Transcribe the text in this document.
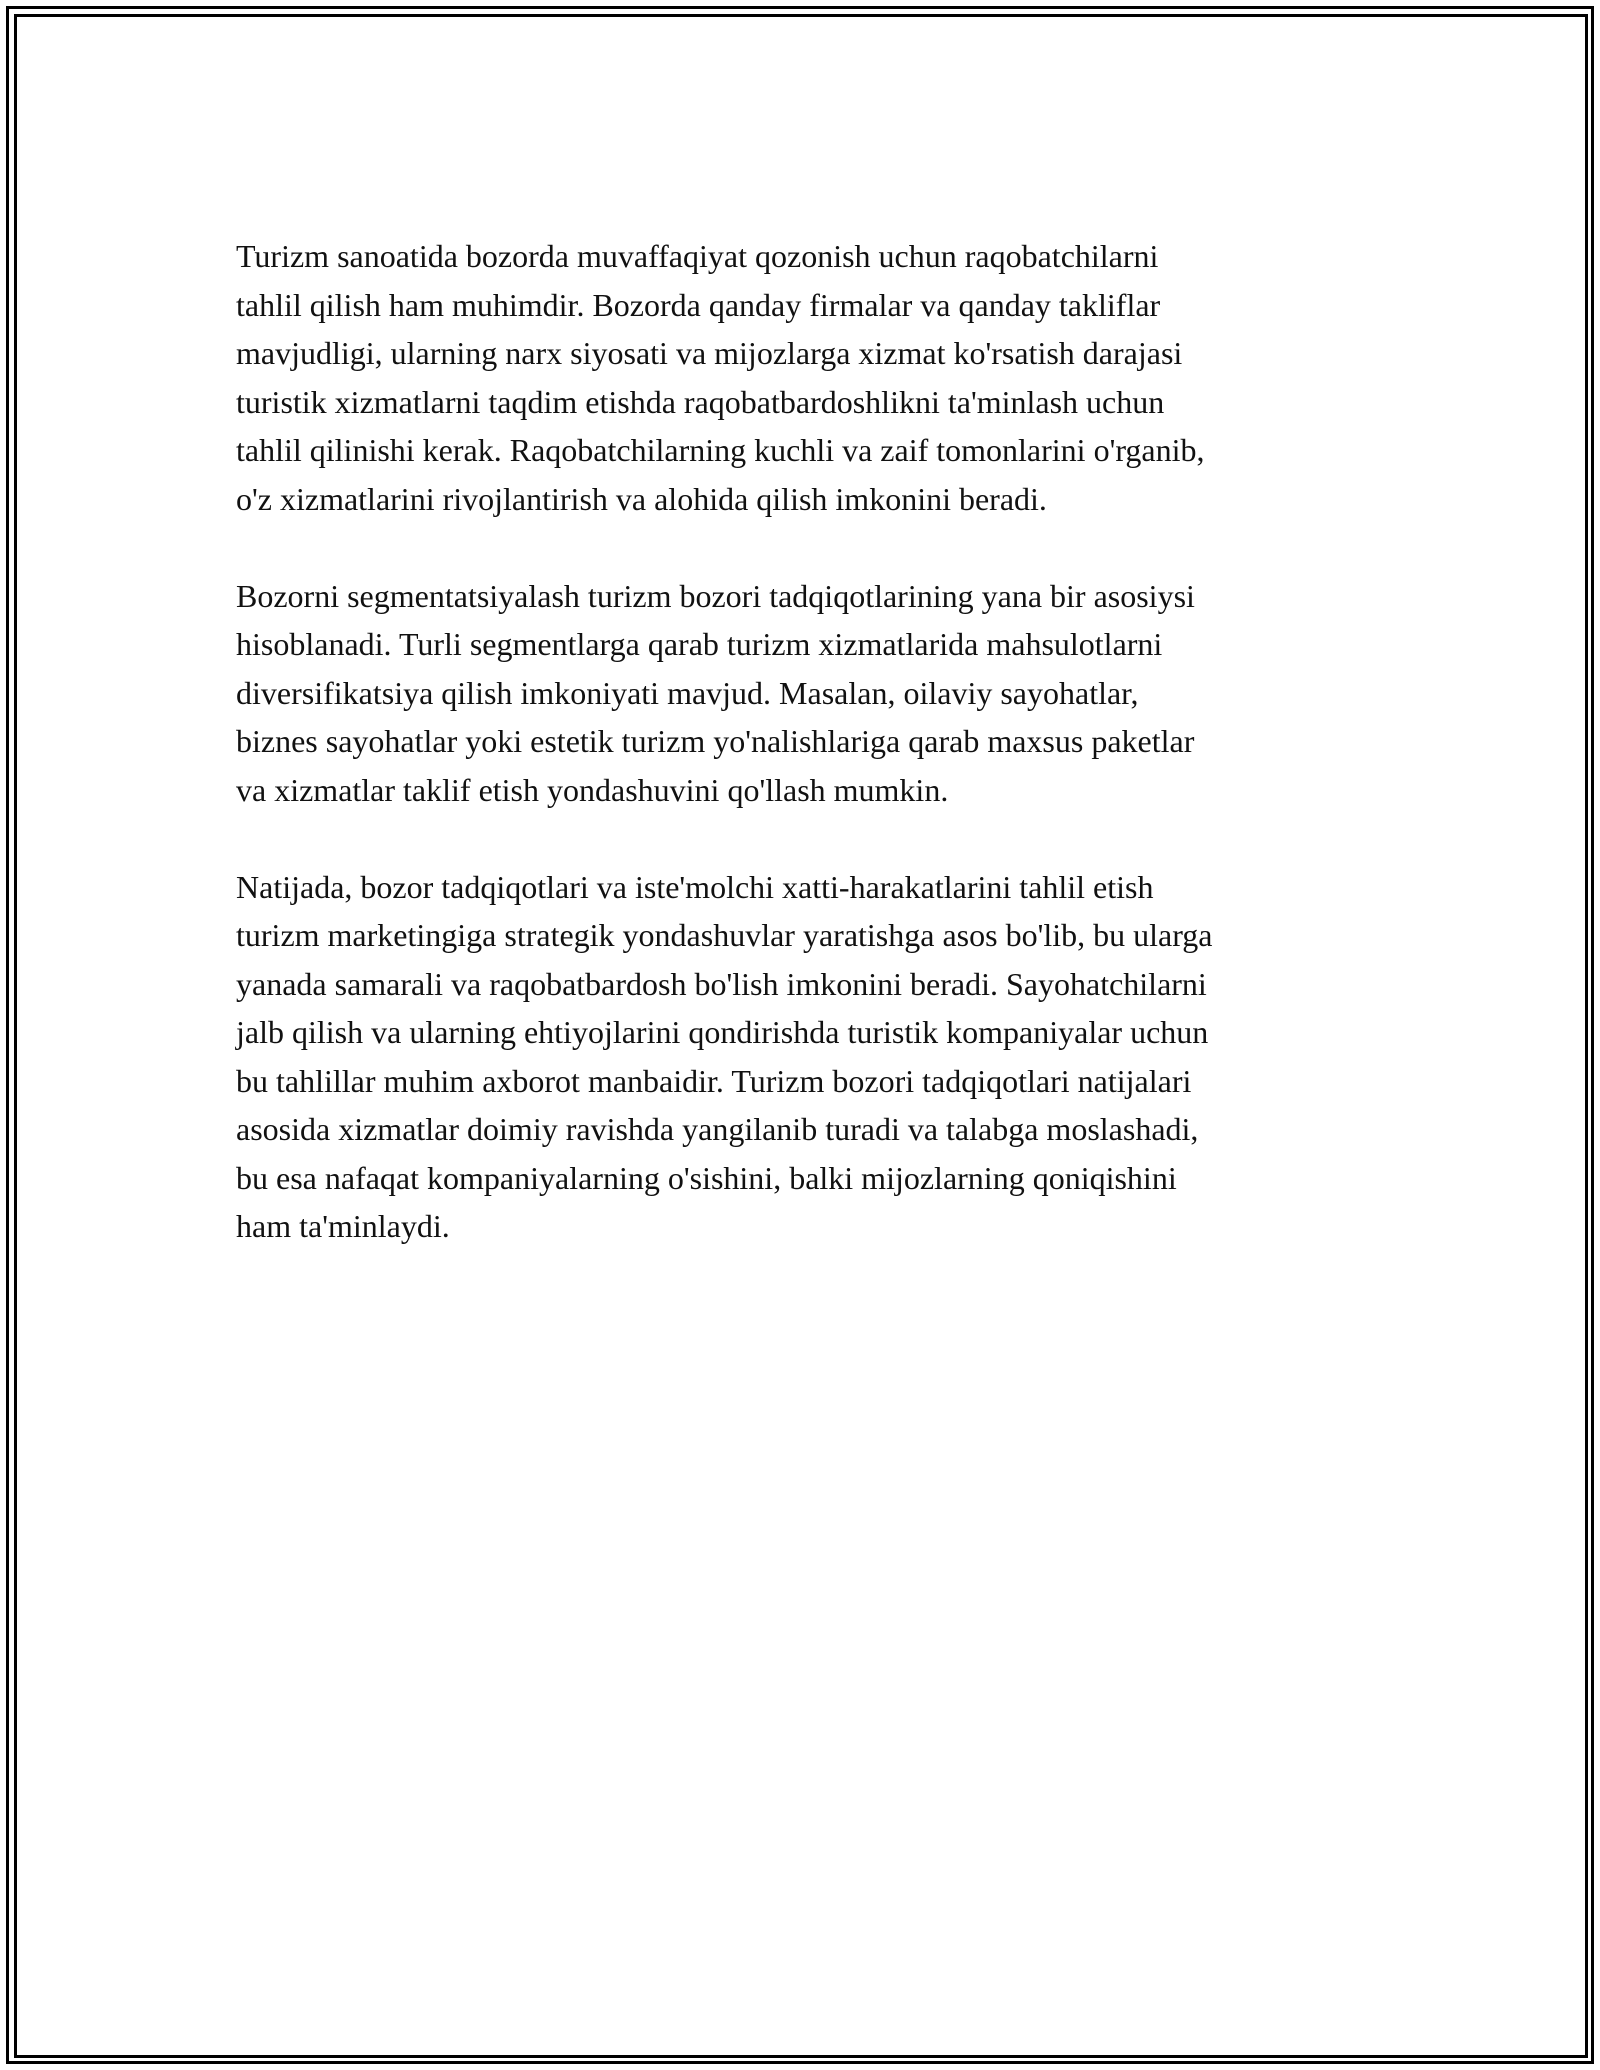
Turizm sanoatida bozorda muvaffaqiyat qozonish uchun raqobatchilarni
tahlil qilish ham muhimdir. Bozorda qanday firmalar va qanday takliflar
mavjudligi, ularning narx siyosati va mijozlarga xizmat ko'rsatish darajasi
turistik xizmatlarni taqdim etishda raqobatbardoshlikni ta'minlash uchun
tahlil qilinishi kerak. Raqobatchilarning kuchli va zaif tomonlarini o'rganib,
o'z xizmatlarini rivojlantirish va alohida qilish imkonini beradi.

Bozorni segmentatsiyalash turizm bozori tadqiqotlarining yana bir asosiysi
hisoblanadi. Turli segmentlarga qarab turizm xizmatlarida mahsulotlarni
diversifikatsiya qilish imkoniyati mavjud. Masalan, oilaviy sayohatlar,
biznes sayohatlar yoki estetik turizm yo'nalishlariga qarab maxsus paketlar
va xizmatlar taklif etish yondashuvini qo'llash mumkin.

Natijada, bozor tadqiqotlari va iste'molchi xatti-harakatlarini tahlil etish
turizm marketingiga strategik yondashuvlar yaratishga asos bo'lib, bu ularga
yanada samarali va raqobatbardosh bo'lish imkonini beradi. Sayohatchilarni
jalb qilish va ularning ehtiyojlarini qondirishda turistik kompaniyalar uchun
bu tahlillar muhim axborot manbaidir. Turizm bozori tadqiqotlari natijalari
asosida xizmatlar doimiy ravishda yangilanib turadi va talabga moslashadi,
bu esa nafaqat kompaniyalarning o'sishini, balki mijozlarning qoniqishini
ham ta'minlaydi.
